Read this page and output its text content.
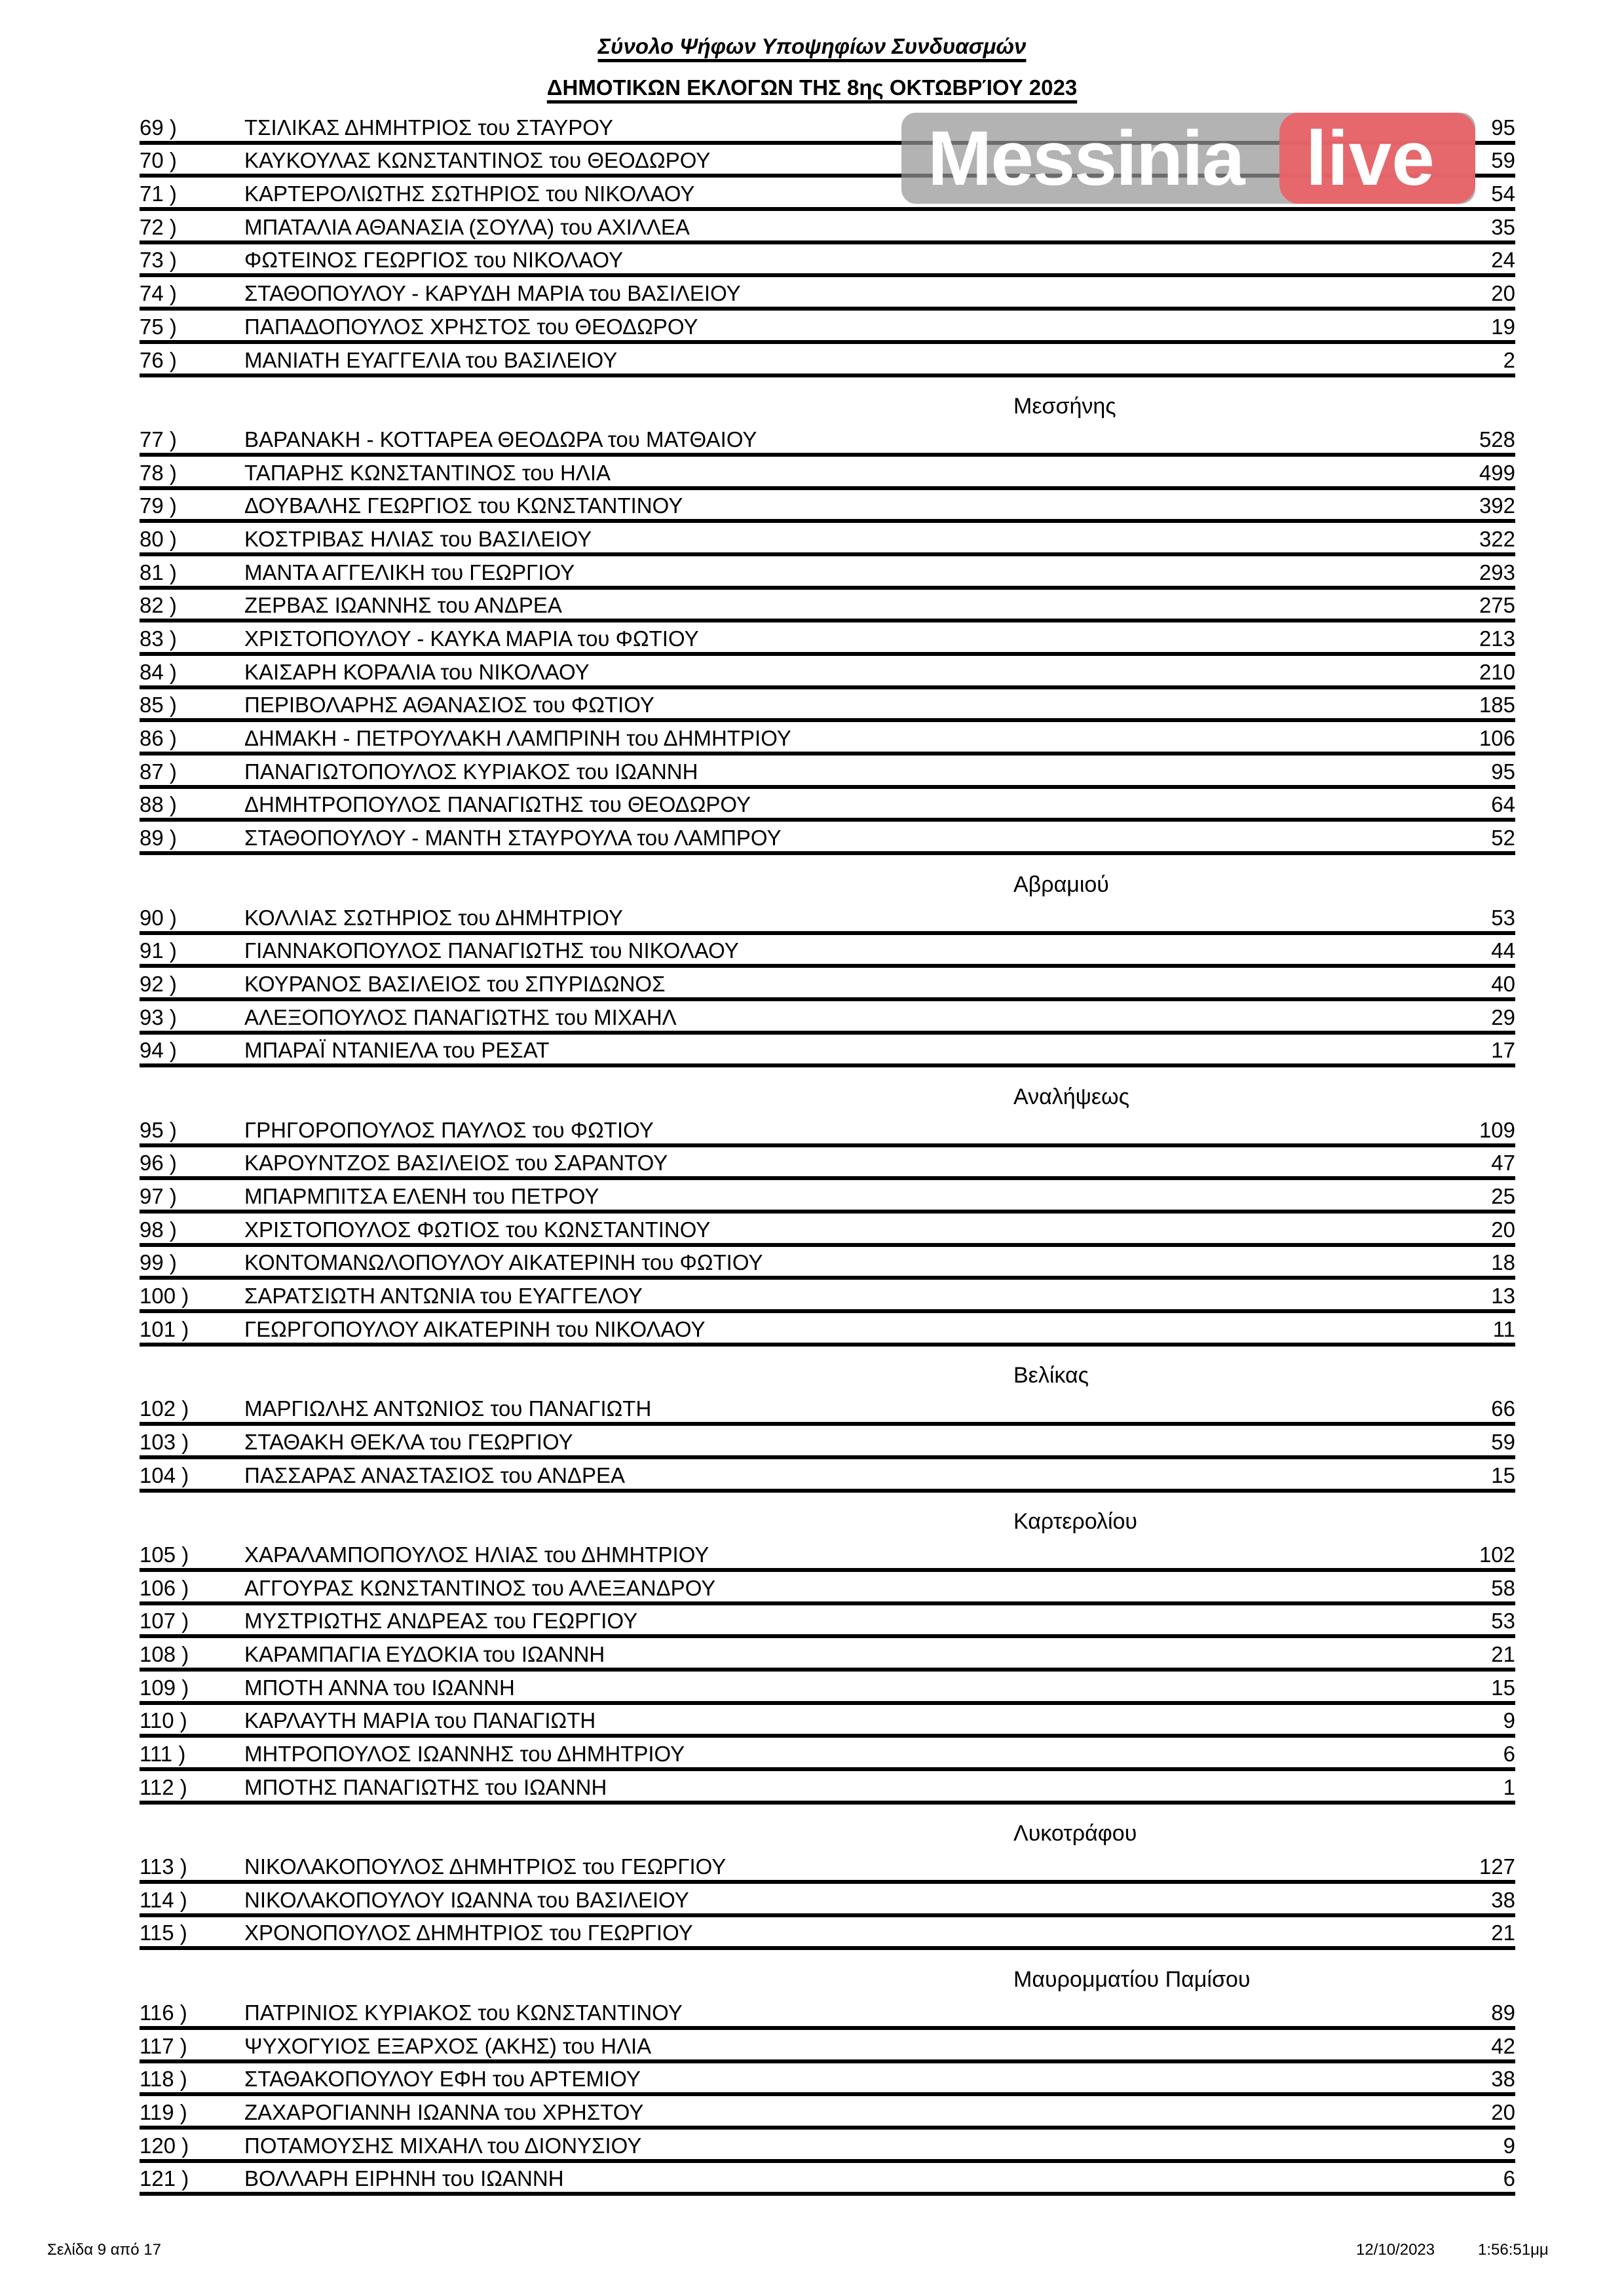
Σύνολο Ψήφων Υποψηφίων Συνδυασμών
ΔΗΜΟΤΙΚΩΝ ΕΚΛΟΓΩΝ ΤΗΣ 8ης ΟΚΤΩΒΡΊΟΥ 2023
69 )	ΤΣΙΛΙΚΑΣ ΔΗΜΗΤΡΙΟΣ του ΣΤΑΥΡΟΥ	95
70 )	ΚΑΥΚΟΥΛΑΣ ΚΩΝΣΤΑΝΤΙΝΟΣ του ΘΕΟΔΩΡΟΥ	59
71 )	ΚΑΡΤΕΡΟΛΙΩΤΗΣ ΣΩΤΗΡΙΟΣ του ΝΙΚΟΛΑΟΥ	54
72 )	ΜΠΑΤΑΛΙΑ ΑΘΑΝΑΣΙΑ (ΣΟΥΛΑ) του ΑΧΙΛΛΕΑ	35
73 )	ΦΩΤΕΙΝΟΣ ΓΕΩΡΓΙΟΣ του ΝΙΚΟΛΑΟΥ	24
74 )	ΣΤΑΘΟΠΟΥΛΟΥ - ΚΑΡΥΔΗ ΜΑΡΙΑ του ΒΑΣΙΛΕΙΟΥ	20
75 )	ΠΑΠΑΔΟΠΟΥΛΟΣ ΧΡΗΣΤΟΣ του ΘΕΟΔΩΡΟΥ	19
76 )	ΜΑΝΙΑΤΗ ΕΥΑΓΓΕΛΙΑ του ΒΑΣΙΛΕΙΟΥ	2
Μεσσήνης
77 )	ΒΑΡΑΝΑΚΗ - ΚΟΤΤΑΡΕΑ ΘΕΟΔΩΡΑ του ΜΑΤΘΑΙΟΥ	528
78 )	ΤΑΠΑΡΗΣ ΚΩΝΣΤΑΝΤΙΝΟΣ του ΗΛΙΑ	499
79 )	ΔΟΥΒΑΛΗΣ ΓΕΩΡΓΙΟΣ του ΚΩΝΣΤΑΝΤΙΝΟΥ	392
80 )	ΚΟΣΤΡΙΒΑΣ ΗΛΙΑΣ του ΒΑΣΙΛΕΙΟΥ	322
81 )	ΜΑΝΤΑ ΑΓΓΕΛΙΚΗ του ΓΕΩΡΓΙΟΥ	293
82 )	ΖΕΡΒΑΣ ΙΩΑΝΝΗΣ του ΑΝΔΡΕΑ	275
83 )	ΧΡΙΣΤΟΠΟΥΛΟΥ - ΚΑΥΚΑ ΜΑΡΙΑ του ΦΩΤΙΟΥ	213
84 )	ΚΑΙΣΑΡΗ ΚΟΡΑΛΙΑ του ΝΙΚΟΛΑΟΥ	210
85 )	ΠΕΡΙΒΟΛΑΡΗΣ ΑΘΑΝΑΣΙΟΣ του ΦΩΤΙΟΥ	185
86 )	ΔΗΜΑΚΗ - ΠΕΤΡΟΥΛΑΚΗ ΛΑΜΠΡΙΝΗ του ΔΗΜΗΤΡΙΟΥ	106
87 )	ΠΑΝΑΓΙΩΤΟΠΟΥΛΟΣ ΚΥΡΙΑΚΟΣ του ΙΩΑΝΝΗ	95
88 )	ΔΗΜΗΤΡΟΠΟΥΛΟΣ ΠΑΝΑΓΙΩΤΗΣ του ΘΕΟΔΩΡΟΥ	64
89 )	ΣΤΑΘΟΠΟΥΛΟΥ - ΜΑΝΤΗ ΣΤΑΥΡΟΥΛΑ του ΛΑΜΠΡΟΥ	52
Αβραμιού
90 )	ΚΟΛΛΙΑΣ ΣΩΤΗΡΙΟΣ του ΔΗΜΗΤΡΙΟΥ	53
91 )	ΓΙΑΝΝΑΚΟΠΟΥΛΟΣ ΠΑΝΑΓΙΩΤΗΣ του ΝΙΚΟΛΑΟΥ	44
92 )	ΚΟΥΡΑΝΟΣ ΒΑΣΙΛΕΙΟΣ του ΣΠΥΡΙΔΩΝΟΣ	40
93 )	ΑΛΕΞΟΠΟΥΛΟΣ ΠΑΝΑΓΙΩΤΗΣ του ΜΙΧΑΗΛ	29
94 )	ΜΠΑΡΑΪ ΝΤΑΝΙΕΛΑ του ΡΕΣΑΤ	17
Αναλήψεως
95 )	ΓΡΗΓΟΡΟΠΟΥΛΟΣ ΠΑΥΛΟΣ του ΦΩΤΙΟΥ	109
96 )	ΚΑΡΟΥΝΤΖΟΣ ΒΑΣΙΛΕΙΟΣ του ΣΑΡΑΝΤΟΥ	47
97 )	ΜΠΑΡΜΠΙΤΣΑ ΕΛΕΝΗ του ΠΕΤΡΟΥ	25
98 )	ΧΡΙΣΤΟΠΟΥΛΟΣ ΦΩΤΙΟΣ του ΚΩΝΣΤΑΝΤΙΝΟΥ	20
99 )	ΚΟΝΤΟΜΑΝΩΛΟΠΟΥΛΟΥ ΑΙΚΑΤΕΡΙΝΗ του ΦΩΤΙΟΥ	18
100 )	ΣΑΡΑΤΣΙΩΤΗ ΑΝΤΩΝΙΑ του ΕΥΑΓΓΕΛΟΥ	13
101 )	ΓΕΩΡΓΟΠΟΥΛΟΥ ΑΙΚΑΤΕΡΙΝΗ του ΝΙΚΟΛΑΟΥ	11
Βελίκας
102 )	ΜΑΡΓΙΩΛΗΣ ΑΝΤΩΝΙΟΣ του ΠΑΝΑΓΙΩΤΗ	66
103 )	ΣΤΑΘΑΚΗ ΘΕΚΛΑ του ΓΕΩΡΓΙΟΥ	59
104 )	ΠΑΣΣΑΡΑΣ ΑΝΑΣΤΑΣΙΟΣ του ΑΝΔΡΕΑ	15
Καρτερολίου
105 )	ΧΑΡΑΛΑΜΠΟΠΟΥΛΟΣ ΗΛΙΑΣ του ΔΗΜΗΤΡΙΟΥ	102
106 )	ΑΓΓΟΥΡΑΣ ΚΩΝΣΤΑΝΤΙΝΟΣ του ΑΛΕΞΑΝΔΡΟΥ	58
107 )	ΜΥΣΤΡΙΩΤΗΣ ΑΝΔΡΕΑΣ του ΓΕΩΡΓΙΟΥ	53
108 )	ΚΑΡΑΜΠΑΓΙΑ ΕΥΔΟΚΙΑ του ΙΩΑΝΝΗ	21
109 )	ΜΠΟΤΗ ΑΝΝΑ του ΙΩΑΝΝΗ	15
110 )	ΚΑΡΛΑΥΤΗ ΜΑΡΙΑ του ΠΑΝΑΓΙΩΤΗ	9
111 )	ΜΗΤΡΟΠΟΥΛΟΣ ΙΩΑΝΝΗΣ του ΔΗΜΗΤΡΙΟΥ	6
112 )	ΜΠΟΤΗΣ ΠΑΝΑΓΙΩΤΗΣ του ΙΩΑΝΝΗ	1
Λυκοτράφου
113 )	ΝΙΚΟΛΑΚΟΠΟΥΛΟΣ ΔΗΜΗΤΡΙΟΣ του ΓΕΩΡΓΙΟΥ	127
114 )	ΝΙΚΟΛΑΚΟΠΟΥΛΟΥ ΙΩΑΝΝΑ του ΒΑΣΙΛΕΙΟΥ	38
115 )	ΧΡΟΝΟΠΟΥΛΟΣ ΔΗΜΗΤΡΙΟΣ του ΓΕΩΡΓΙΟΥ	21
Μαυρομματίου Παμίσου
116 )	ΠΑΤΡΙΝΙΟΣ ΚΥΡΙΑΚΟΣ του ΚΩΝΣΤΑΝΤΙΝΟΥ	89
117 )	ΨΥΧΟΓΥΙΟΣ ΕΞΑΡΧΟΣ (ΑΚΗΣ) του ΗΛΙΑ	42
118 )	ΣΤΑΘΑΚΟΠΟΥΛΟΥ ΕΦΗ του ΑΡΤΕΜΙΟΥ	38
119 )	ΖΑΧΑΡΟΓΙΑΝΝΗ ΙΩΑΝΝΑ του ΧΡΗΣΤΟΥ	20
120 )	ΠΟΤΑΜΟΥΣΗΣ ΜΙΧΑΗΛ του ΔΙΟΝΥΣΙΟΥ	9
121 )	ΒΟΛΛΑΡΗ ΕΙΡΗΝΗ του ΙΩΑΝΝΗ	6
Messinia live
Σελίδα 9 από 17	12/10/2023	1:56:51μμ
